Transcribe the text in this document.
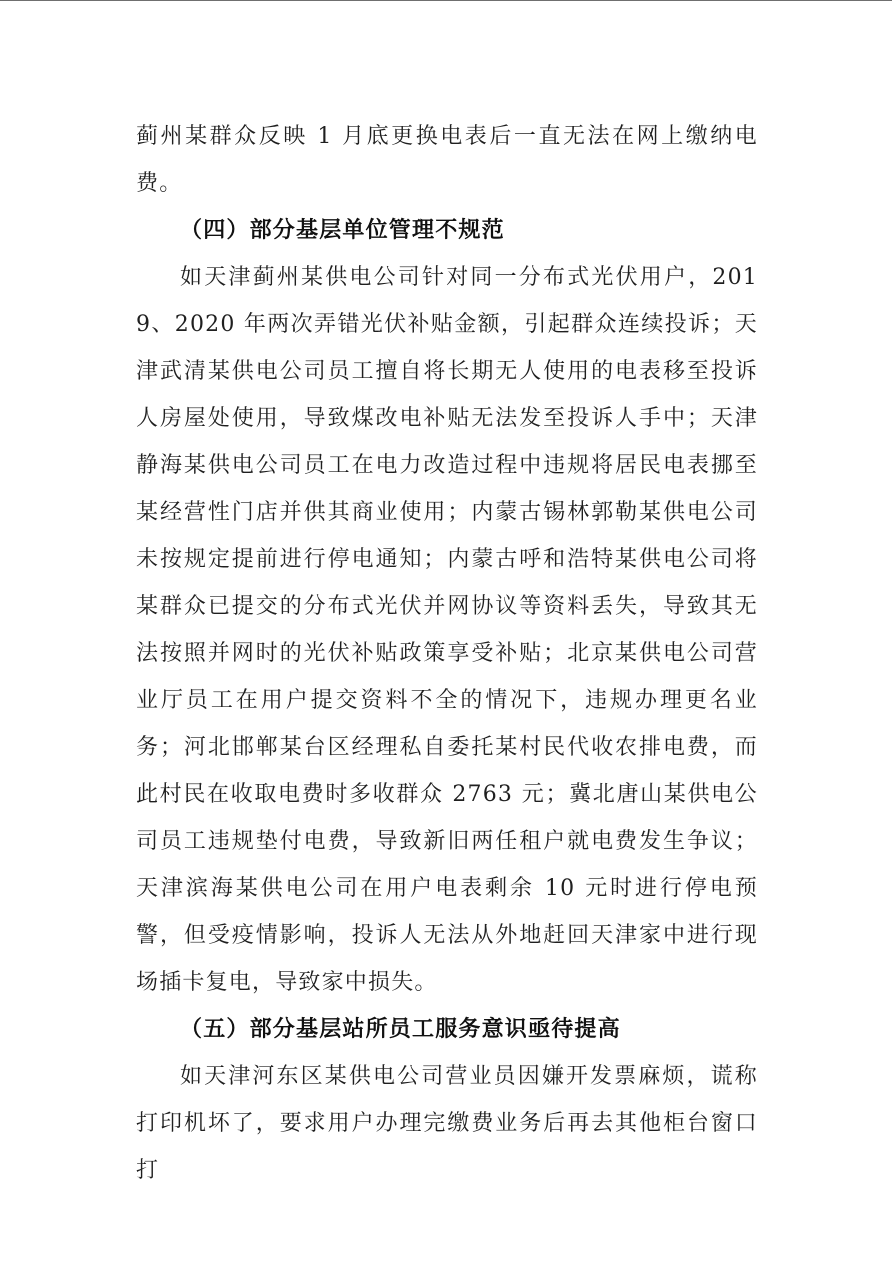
蓟州某群众反映 1 月底更换电表后一直无法在网上缴纳电费。

（四）部分基层单位管理不规范

如天津蓟州某供电公司针对同一分布式光伏用户，2019、2020 年两次弄错光伏补贴金额，引起群众连续投诉；天津武清某供电公司员工擅自将长期无人使用的电表移至投诉人房屋处使用，导致煤改电补贴无法发至投诉人手中；天津静海某供电公司员工在电力改造过程中违规将居民电表挪至某经营性门店并供其商业使用；内蒙古锡林郭勒某供电公司未按规定提前进行停电通知；内蒙古呼和浩特某供电公司将某群众已提交的分布式光伏并网协议等资料丢失，导致其无法按照并网时的光伏补贴政策享受补贴；北京某供电公司营业厅员工在用户提交资料不全的情况下，违规办理更名业务；河北邯郸某台区经理私自委托某村民代收农排电费，而此村民在收取电费时多收群众 2763 元；冀北唐山某供电公司员工违规垫付电费，导致新旧两任租户就电费发生争议；天津滨海某供电公司在用户电表剩余 10 元时进行停电预警，但受疫情影响，投诉人无法从外地赶回天津家中进行现场插卡复电，导致家中损失。

（五）部分基层站所员工服务意识亟待提高

如天津河东区某供电公司营业员因嫌开发票麻烦，谎称打印机坏了，要求用户办理完缴费业务后再去其他柜台窗口打
